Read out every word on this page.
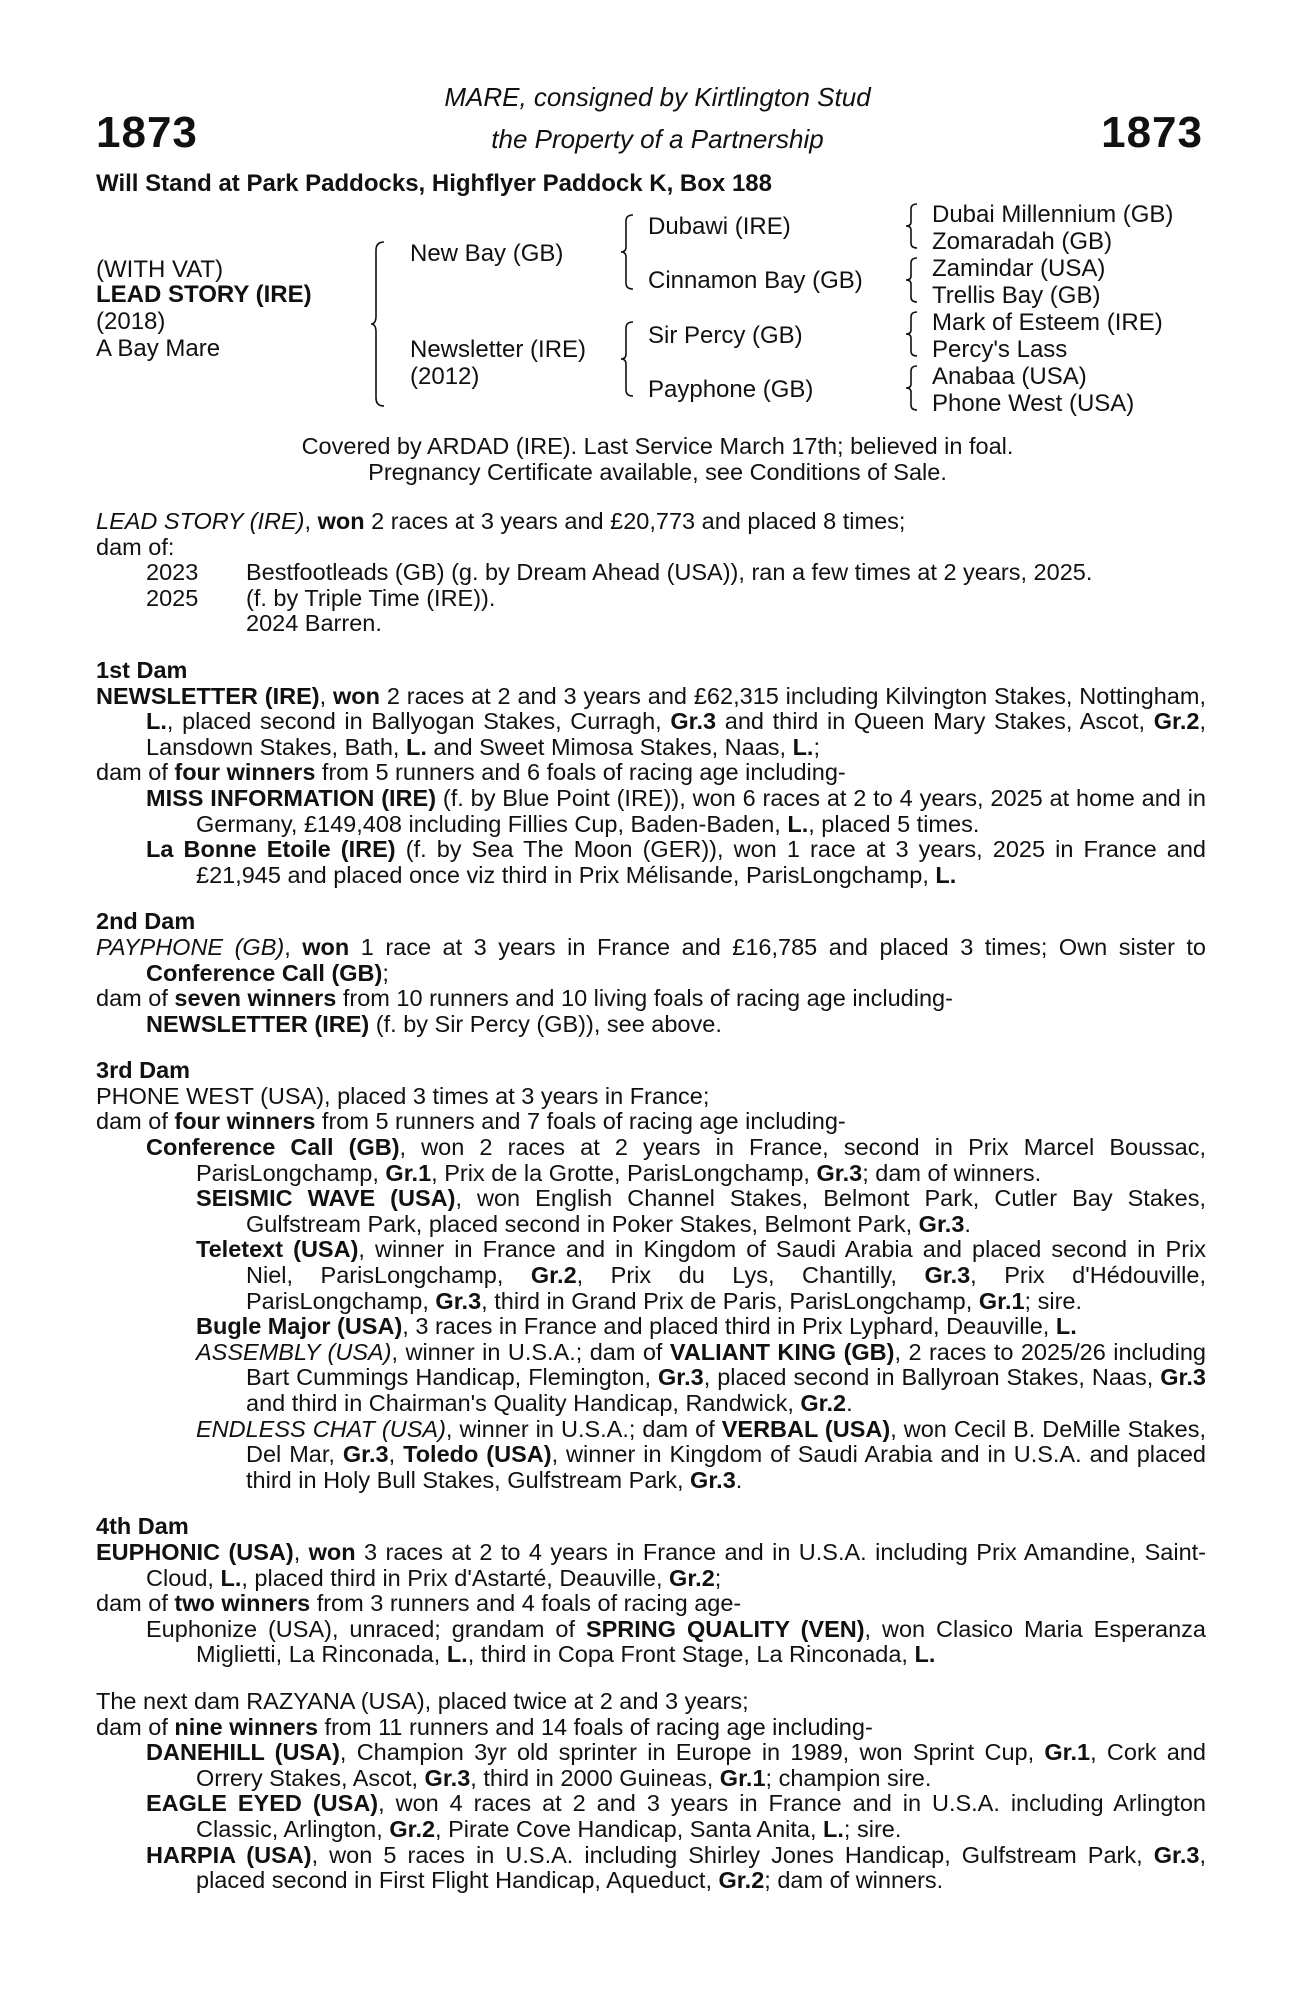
1873	1873
MARE, consigned by Kirtlington Stud
the Property of a Partnership
Will Stand at Park Paddocks, Highflyer Paddock K, Box 188
(WITH VAT)
LEAD STORY (IRE)
(2018)
A Bay Mare
New Bay (GB)
Newsletter (IRE)
(2012)
Dubawi (IRE)
Cinnamon Bay (GB)
Sir Percy (GB)
Payphone (GB)
Dubai Millennium (GB)
Zomaradah (GB)
Zamindar (USA)
Trellis Bay (GB)
Mark of Esteem (IRE)
Percy's Lass
Anabaa (USA)
Phone West (USA)
Covered by ARDAD (IRE). Last Service March 17th; believed in foal.
Pregnancy Certificate available, see Conditions of Sale.

LEAD STORY (IRE), won 2 races at 3 years and £20,773 and placed 8 times;

dam of:

2023	Bestfootleads (GB) (g. by Dream Ahead (USA)), ran a few times at 2 years, 2025.
2025	(f. by Triple Time (IRE)).
2024 Barren.

1st Dam

NEWSLETTER (IRE), won 2 races at 2 and 3 years and £62,315 including Kilvington Stakes, Nottingham, L., placed second in Ballyogan Stakes, Curragh, Gr.3 and third in Queen Mary Stakes, Ascot, Gr.2, Lansdown Stakes, Bath, L. and Sweet Mimosa Stakes, Naas, L.;

dam of four winners from 5 runners and 6 foals of racing age including-

MISS INFORMATION (IRE) (f. by Blue Point (IRE)), won 6 races at 2 to 4 years, 2025 at home and in Germany, £149,408 including Fillies Cup, Baden-Baden, L., placed 5 times.

La Bonne Etoile (IRE) (f. by Sea The Moon (GER)), won 1 race at 3 years, 2025 in France and £21,945 and placed once viz third in Prix Mélisande, ParisLongchamp, L.

2nd Dam

PAYPHONE (GB), won 1 race at 3 years in France and £16,785 and placed 3 times; Own sister to Conference Call (GB);

dam of seven winners from 10 runners and 10 living foals of racing age including-

NEWSLETTER (IRE) (f. by Sir Percy (GB)), see above.

3rd Dam

PHONE WEST (USA), placed 3 times at 3 years in France;

dam of four winners from 5 runners and 7 foals of racing age including-

Conference Call (GB), won 2 races at 2 years in France, second in Prix Marcel Boussac, ParisLongchamp, Gr.1, Prix de la Grotte, ParisLongchamp, Gr.3; dam of winners.

SEISMIC WAVE (USA), won English Channel Stakes, Belmont Park, Cutler Bay Stakes, Gulfstream Park, placed second in Poker Stakes, Belmont Park, Gr.3.

Teletext (USA), winner in France and in Kingdom of Saudi Arabia and placed second in Prix Niel, ParisLongchamp, Gr.2, Prix du Lys, Chantilly, Gr.3, Prix d'Hédouville, ParisLongchamp, Gr.3, third in Grand Prix de Paris, ParisLongchamp, Gr.1; sire.

Bugle Major (USA), 3 races in France and placed third in Prix Lyphard, Deauville, L.

ASSEMBLY (USA), winner in U.S.A.; dam of VALIANT KING (GB), 2 races to 2025/26 including Bart Cummings Handicap, Flemington, Gr.3, placed second in Ballyroan Stakes, Naas, Gr.3 and third in Chairman's Quality Handicap, Randwick, Gr.2.

ENDLESS CHAT (USA), winner in U.S.A.; dam of VERBAL (USA), won Cecil B. DeMille Stakes, Del Mar, Gr.3, Toledo (USA), winner in Kingdom of Saudi Arabia and in U.S.A. and placed third in Holy Bull Stakes, Gulfstream Park, Gr.3.

4th Dam

EUPHONIC (USA), won 3 races at 2 to 4 years in France and in U.S.A. including Prix Amandine, Saint-Cloud, L., placed third in Prix d'Astarté, Deauville, Gr.2;

dam of two winners from 3 runners and 4 foals of racing age-

Euphonize (USA), unraced; grandam of SPRING QUALITY (VEN), won Clasico Maria Esperanza Miglietti, La Rinconada, L., third in Copa Front Stage, La Rinconada, L.

The next dam RAZYANA (USA), placed twice at 2 and 3 years;

dam of nine winners from 11 runners and 14 foals of racing age including-

DANEHILL (USA), Champion 3yr old sprinter in Europe in 1989, won Sprint Cup, Gr.1, Cork and Orrery Stakes, Ascot, Gr.3, third in 2000 Guineas, Gr.1; champion sire.

EAGLE EYED (USA), won 4 races at 2 and 3 years in France and in U.S.A. including Arlington Classic, Arlington, Gr.2, Pirate Cove Handicap, Santa Anita, L.; sire.

HARPIA (USA), won 5 races in U.S.A. including Shirley Jones Handicap, Gulfstream Park, Gr.3, placed second in First Flight Handicap, Aqueduct, Gr.2; dam of winners.
